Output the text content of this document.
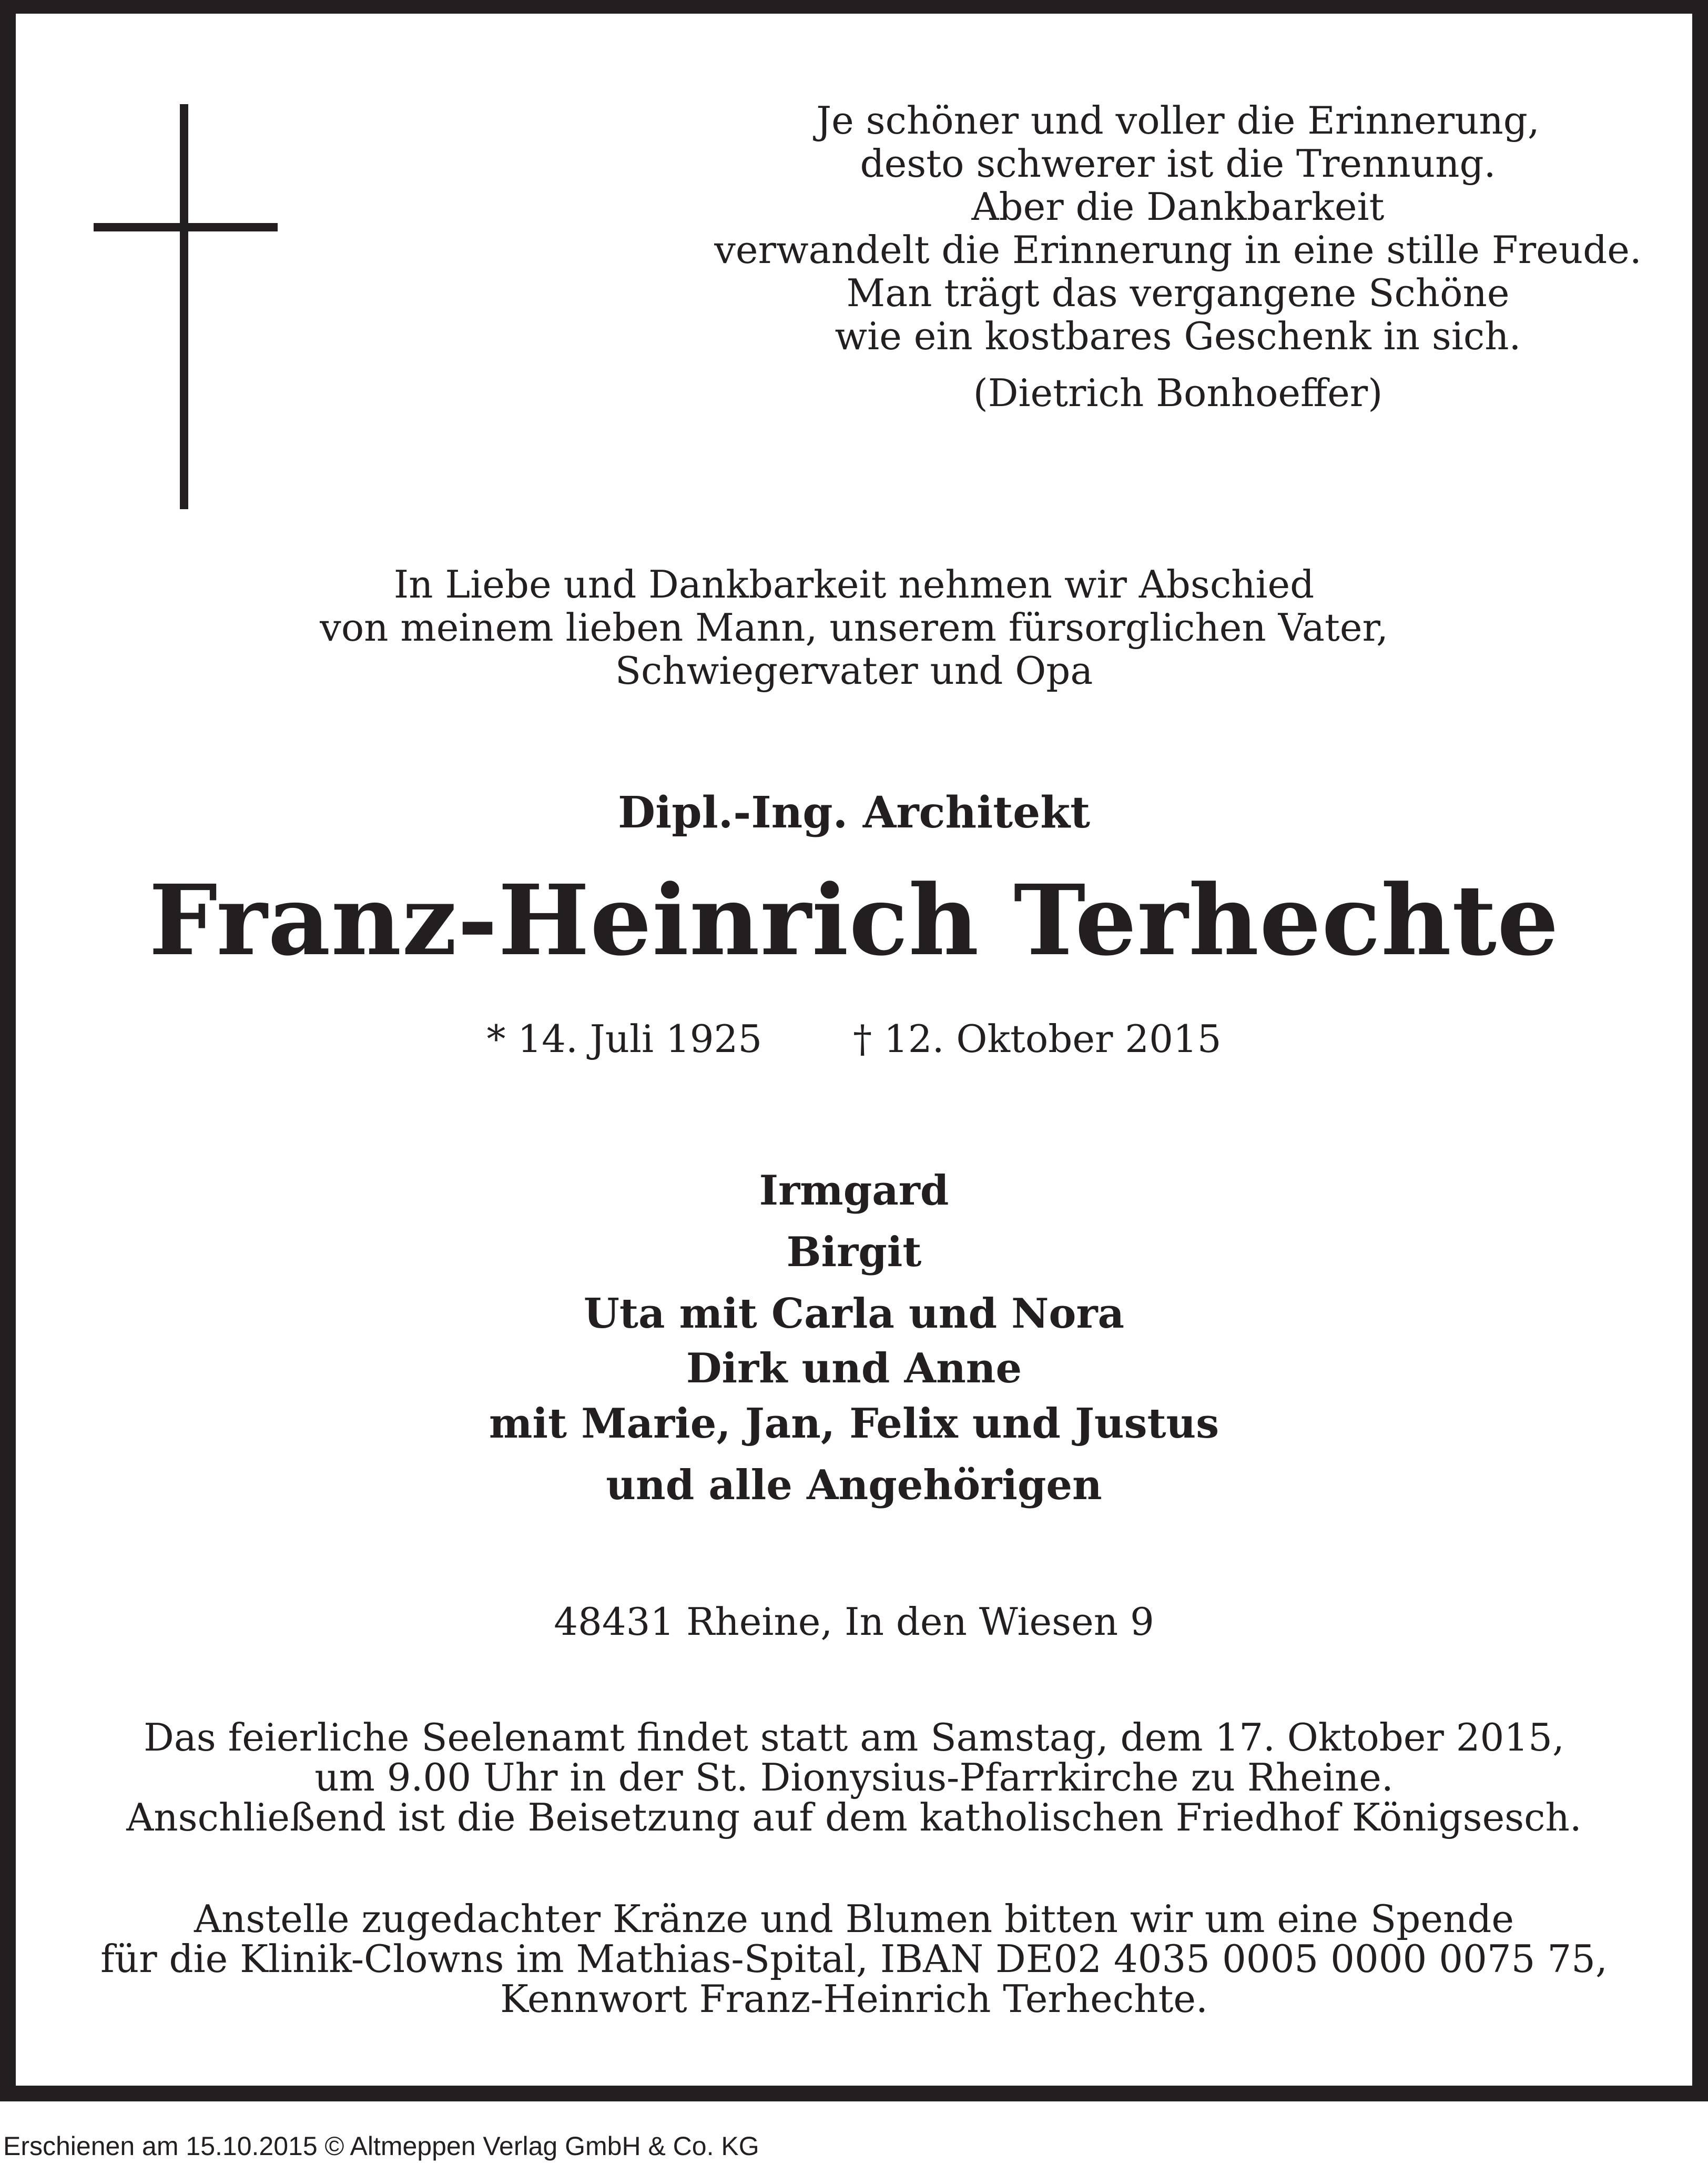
Je schöner und voller die Erinnerung,
desto schwerer ist die Trennung.
Aber die Dankbarkeit
verwandelt die Erinnerung in eine stille Freude.
Man trägt das vergangene Schöne
wie ein kostbares Geschenk in sich.
(Dietrich Bonhoeffer)
In Liebe und Dankbarkeit nehmen wir Abschied
von meinem lieben Mann, unserem fürsorglichen Vater,
Schwiegervater und Opa
Dipl.-Ing. Architekt
Franz-Heinrich Terhechte
* 14. Juli 1925 † 12. Oktober 2015
Irmgard
Birgit
Uta mit Carla und Nora
Dirk und Anne
mit Marie, Jan, Felix und Justus
und alle Angehörigen
48431 Rheine, In den Wiesen 9
Das feierliche Seelenamt findet statt am Samstag, dem 17. Oktober 2015,
um 9.00 Uhr in der St. Dionysius-Pfarrkirche zu Rheine.
Anschließend ist die Beisetzung auf dem katholischen Friedhof Königsesch.
Anstelle zugedachter Kränze und Blumen bitten wir um eine Spende
für die Klinik-Clowns im Mathias-Spital, IBAN DE02 4035 0005 0000 0075 75,
Kennwort Franz-Heinrich Terhechte.
Erschienen am 15.10.2015 © Altmeppen Verlag GmbH & Co. KG
